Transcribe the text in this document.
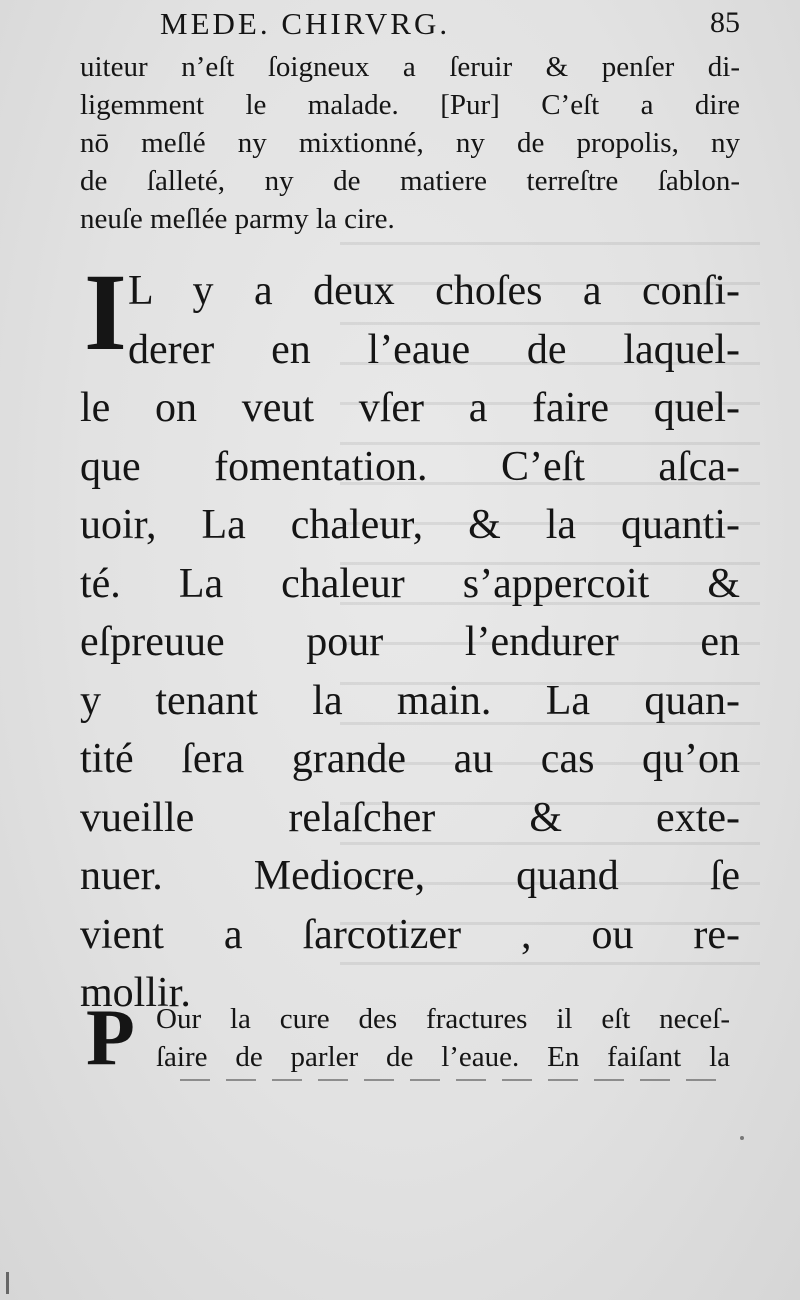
MEDE. CHIRVRG.	85
uiteur n’eſt ſoigneux a ſeruir & penſer di-
ligemment le malade. [Pur] C’eſt a dire
nō meſlé ny mixtionné, ny de propolis, ny
de ſalleté, ny de matiere terreſtre ſablon-
neuſe meſlée parmy la cire.
I L y a deux choſes a conſi-
derer en l’eaue de laquel-
le on veut vſer a faire quel-
que fomentation. C’eſt aſca-
uoir, La chaleur, & la quanti-
té. La chaleur s’appercoit &
eſpreuue pour l’endurer en
y tenant la main. La quan-
tité ſera grande au cas qu’on
vueille relaſcher & exte-
nuer. Mediocre, quand ſe
vient a ſarcotizer , ou re-
mollir.
P Our la cure des fractures il eſt neceſ-
ſaire de parler de l’eaue. En faiſant la
